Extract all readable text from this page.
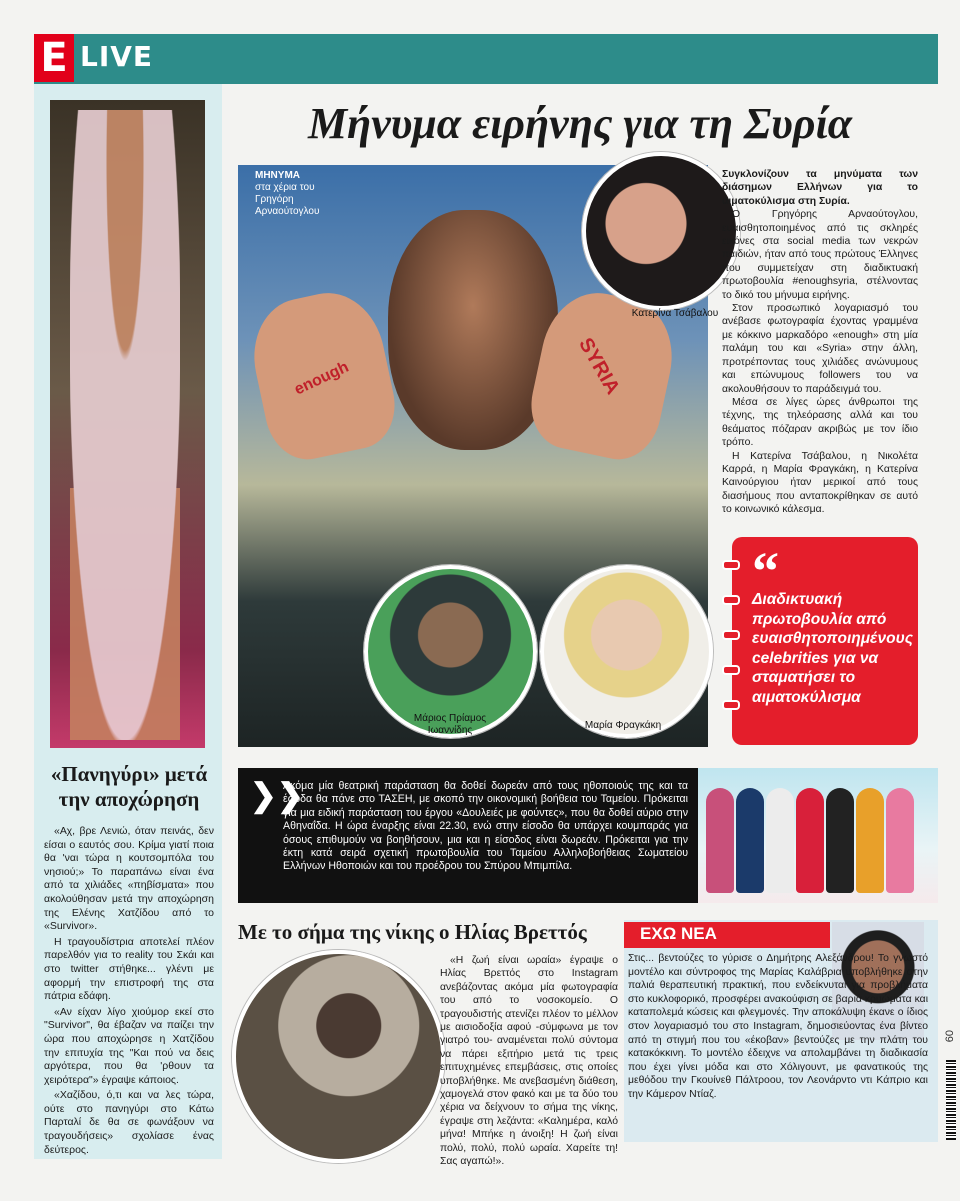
E LIVE
«Πανηγύρι» μετά την αποχώρηση

«Αχ, βρε Λενιώ, όταν πεινάς, δεν είσαι ο εαυτός σου. Κρίμα γιατί ποια θα 'ναι τώρα η κουτσομπόλα του νησιού;» Το παραπάνω είναι ένα από τα χιλιάδες «πηβίσματα» που ακολούθησαν μετά την αποχώρηση της Ελένης Χατζίδου από το «Survivor».

Η τραγουδίστρια αποτελεί πλέον παρελθόν για το reality του Σκάι και στο twitter στήθηκε... γλέντι με αφορμή την επιστροφή της στα πάτρια εδάφη.

«Αν είχαν λίγο χιούμορ εκεί στο "Survivor", θα έβαζαν να παίζει την ώρα που αποχώρησε η Χατζίδου την επιτυχία της "Και πού να δεις αργότερα, που θα 'ρθουν τα χειρότερα"» έγραψε κάποιος.

«Χαζίδου, ό,τι και να λες τώρα, ούτε στο πανηγύρι στο Κάτω Παρταλί δε θα σε φωνάξουν να τραγουδήσεις» σχολίασε ένας δεύτερος.

Μήνυμα ειρήνης για τη Συρία
enough	SYRIA
ΜΗΝΥΜΑ
στα χέρια του
Γρηγόρη
Αρναούτογλου
Κατερίνα Τσάβαλου
Μάριος Πρίαμος
Ιωαννίδης	Μαρία Φραγκάκη

Συγκλονίζουν τα μηνύματα των διάσημων Ελλήνων για το αιματοκύλισμα στη Συρία.

Ο Γρηγόρης Αρναούτογλου, ευαισθητοποιημένος από τις σκληρές εικόνες στα social media των νεκρών παιδιών, ήταν από τους πρώτους Έλληνες που συμμετείχαν στη διαδικτυακή πρωτοβουλία #enoughsyria, στέλνοντας το δικό του μήνυμα ειρήνης.

Στον προσωπικό λογαριασμό του ανέβασε φωτογραφία έχοντας γραμμένα με κόκκινο μαρκαδόρο «enough» στη μία παλάμη του και «Syria» στην άλλη, προτρέποντας τους χιλιάδες ανώνυμους και επώνυμους followers του να ακολουθήσουν το παράδειγμά του.

Μέσα σε λίγες ώρες άνθρωποι της τέχνης, της τηλεόρασης αλλά και του θεάματος πόζαραν ακριβώς με τον ίδιο τρόπο.

Η Κατερίνα Τσάβαλου, η Νικολέτα Καρρά, η Μαρία Φραγκάκη, η Κατερίνα Καινούργιου ήταν μερικοί από τους διασήμους που ανταποκρίθηκαν σε αυτό το κοινωνικό κάλεσμα.

“
Διαδικτυακή πρωτοβουλία από ευαισθητοποιημένους celebrities για να σταματήσει το αιματοκύλισμα
❯❯
Ακόμα μία θεατρική παράσταση θα δοθεί δωρεάν από τους ηθοποιούς της και τα έσοδα θα πάνε στο ΤΑΣΕΗ, με σκοπό την οικονομική βοήθεια του Ταμείου. Πρόκειται για μια ειδική παράσταση του έργου «Δουλειές με φούντες», που θα δοθεί αύριο στην Αθηναΐδα. Η ώρα έναρξης είναι 22.30, ενώ στην είσοδο θα υπάρχει κουμπαράς για όσους επιθυμούν να βοηθήσουν, μια και η είσοδος είναι δωρεάν. Πρόκειται για την έκτη κατά σειρά σχετική πρωτοβουλία του Ταμείου Αλληλοβοήθειας Σωματείου Ελλήνων Ηθοποιών και του προέδρου του Σπύρου Μπιμπίλα.
Με το σήμα της νίκης ο Ηλίας Βρεττός

«Η ζωή είναι ωραία» έγραψε ο Ηλίας Βρεττός στο Instagram ανεβάζοντας ακόμα μία φωτογραφία του από το νοσοκομείο. Ο τραγουδιστής ατενίζει πλέον το μέλλον με αισιοδοξία αφού -σύμφωνα με τον γιατρό του- αναμένεται πολύ σύντομα να πάρει εξιτήριο μετά τις τρεις επιτυχημένες επεμβάσεις, στις οποίες υποβλήθηκε. Με ανεβασμένη διάθεση, χαμογελά στον φακό και με τα δύο του χέρια να δείχνουν το σήμα της νίκης, έγραψε στη λεζάντα: «Καλημέρα, καλό μήνα! Μπήκε η άνοιξη! Η ζωή είναι πολύ, πολύ, πολύ ωραία. Χαρείτε τη! Σας αγαπώ!».

ΕΧΩ ΝΕΑ
Στις... βεντούζες το γύρισε ο Δημήτρης Αλεξάνδρου! Το γνωστό μοντέλο και σύντροφος της Μαρίας Καλάβρια υποβλήθηκε στην παλιά θεραπευτική πρακτική, που ενδείκνυται για προβλήματα στο κυκλοφορικό, προσφέρει ανακούφιση σε βαριά κρυώματα και καταπολεμά κώσεις και φλεγμονές. Την αποκάλυψη έκανε ο ίδιος στον λογαριασμό του στο Instagram, δημοσιεύοντας ένα βίντεο από τη στιγμή που του «έκοβαν» βεντούζες με την πλάτη του κατακόκκινη. Το μοντέλο έδειχνε να απολαμβάνει τη διαδικασία που έχει γίνει μόδα και στο Χόλιγουντ, με φανατικούς της μεθόδου την Γκουίνεθ Πάλτροου, τον Λεονάρντο ντι Κάπριο και την Κάμερον Ντίαζ.
60
